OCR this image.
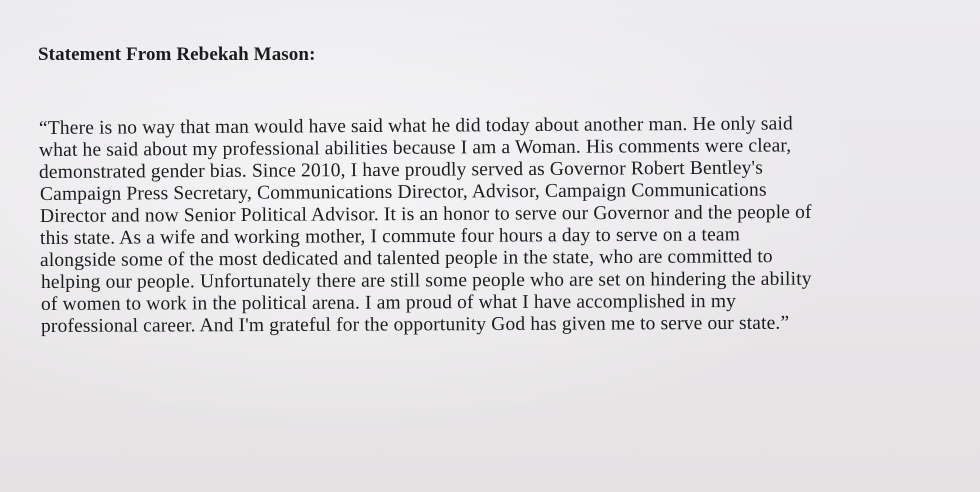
Statement From Rebekah Mason:
“There is no way that man would have said what he did today about another man. He only said
what he said about my professional abilities because I am a Woman. His comments were clear,
demonstrated gender bias. Since 2010, I have proudly served as Governor Robert Bentley's
Campaign Press Secretary, Communications Director, Advisor, Campaign Communications
Director and now Senior Political Advisor. It is an honor to serve our Governor and the people of
this state. As a wife and working mother, I commute four hours a day to serve on a team
alongside some of the most dedicated and talented people in the state, who are committed to
helping our people. Unfortunately there are still some people who are set on hindering the ability
of women to work in the political arena. I am proud of what I have accomplished in my
professional career. And I'm grateful for the opportunity God has given me to serve our state.”
